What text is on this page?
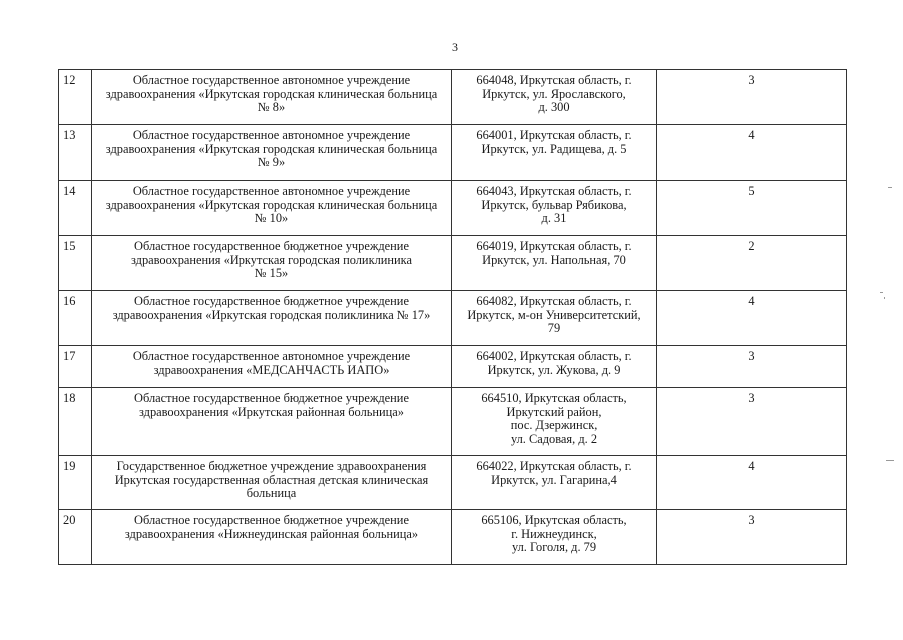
3
12	Областное государственное автономное учреждение
здравоохранения «Иркутская городская клиническая больница
№ 8»	664048, Иркутская область, г.
Иркутск, ул. Ярославского,
д. 300	3
13	Областное государственное автономное учреждение
здравоохранения «Иркутская городская клиническая больница
№ 9»	664001, Иркутская область, г.
Иркутск, ул. Радищева, д. 5	4
14	Областное государственное автономное учреждение
здравоохранения «Иркутская городская клиническая больница
№ 10»	664043, Иркутская область, г.
Иркутск, бульвар Рябикова,
д. 31	5
15	Областное государственное бюджетное учреждение
здравоохранения «Иркутская городская поликлиника
№ 15»	664019, Иркутская область, г.
Иркутск, ул. Напольная, 70	2
16	Областное государственное бюджетное учреждение
здравоохранения «Иркутская городская поликлиника № 17»	664082, Иркутская область, г.
Иркутск, м-он Университетский,
79	4
17	Областное государственное автономное учреждение
здравоохранения «МЕДСАНЧАСТЬ ИАПО»	664002, Иркутская область, г.
Иркутск, ул. Жукова, д. 9	3
18	Областное государственное бюджетное учреждение
здравоохранения «Иркутская районная больница»	664510, Иркутская область,
Иркутский район,
пос. Дзержинск,
ул. Садовая, д. 2	3
19	Государственное бюджетное учреждение здравоохранения
Иркутская государственная областная детская клиническая
больница	664022, Иркутская область, г.
Иркутск, ул. Гагарина,4	4
20	Областное государственное бюджетное учреждение
здравоохранения «Нижнеудинская районная больница»	665106, Иркутская область,
г. Нижнеудинск,
ул. Гоголя, д. 79	3
